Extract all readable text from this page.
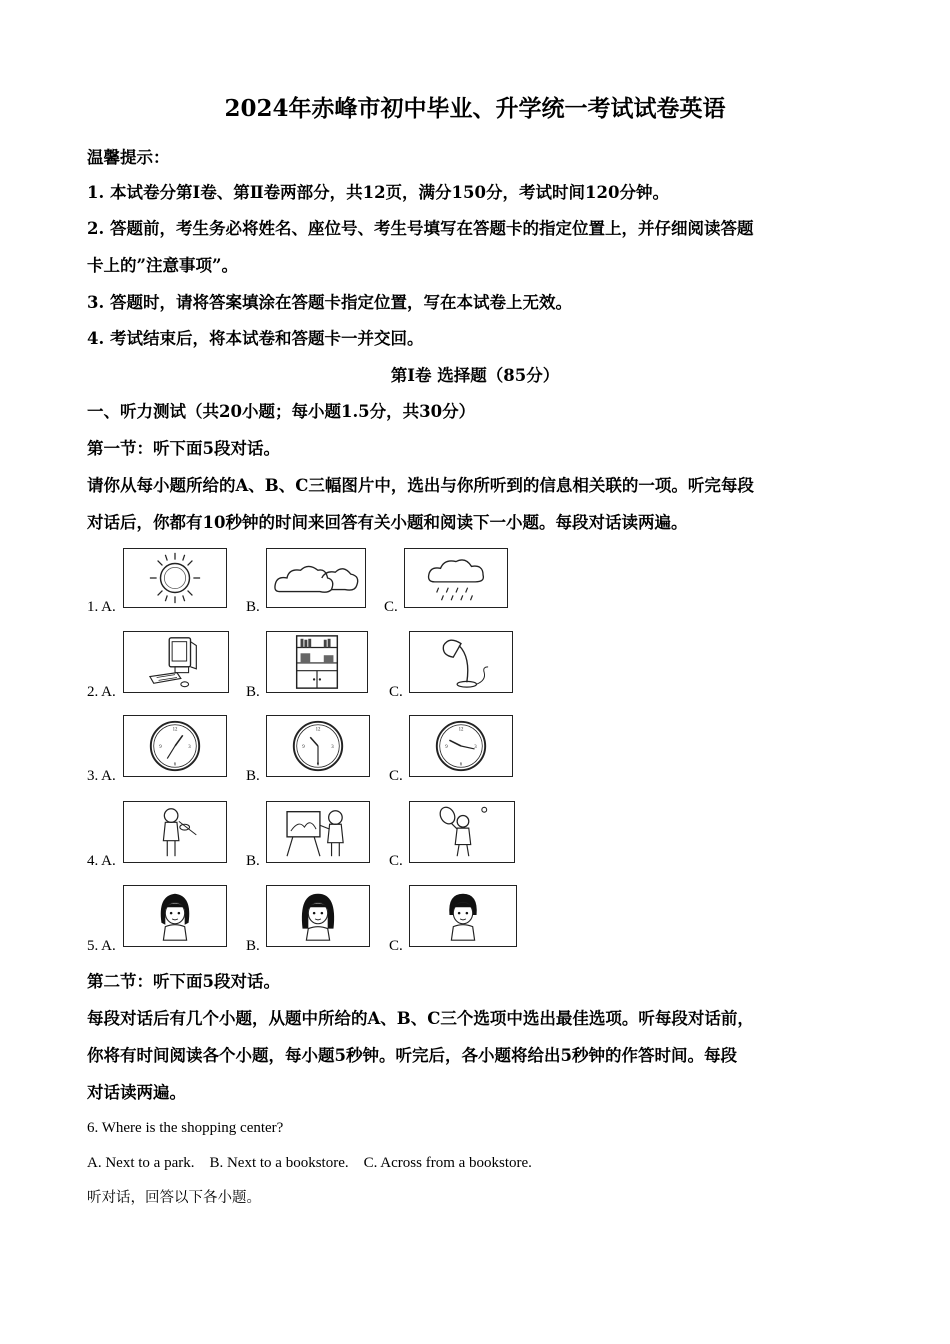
2024年赤峰市初中毕业、升学统一考试试卷英语
温馨提示：
1. 本试卷分第Ⅰ卷、第Ⅱ卷两部分，共12页，满分150分，考试时间120分钟。
2. 答题前，考生务必将姓名、座位号、考生号填写在答题卡的指定位置上，并仔细阅读答题
卡上的”注意事项”。
3. 答题时，请将答案填涂在答题卡指定位置，写在本试卷上无效。
4. 考试结束后，将本试卷和答题卡一并交回。
第Ⅰ卷 选择题（85分）
一、听力测试（共20小题；每小题1.5分，共30分）
第一节：听下面5段对话。
请你从每小题所给的A、B、C三幅图片中，选出与你所听到的信息相关联的一项。听完每段
对话后，你都有10秒钟的时间来回答有关小题和阅读下一小题。每段对话读两遍。
1. A.	B.	C.
2. A.	B.	C.
3. A.
12
3
6
9
B.
12
3
6
9
C.
12
3
6
9
4. A.	B.	C.
5. A.	B.	C.
第二节：听下面5段对话。
每段对话后有几个小题，从题中所给的A、B、C三个选项中选出最佳选项。听每段对话前，
你将有时间阅读各个小题，每小题5秒钟。听完后，各小题将给出5秒钟的作答时间。每段
对话读两遍。
6. Where is the shopping center?
A. Next to a park.    B. Next to a bookstore.    C. Across from a bookstore.
听对话，回答以下各小题。
